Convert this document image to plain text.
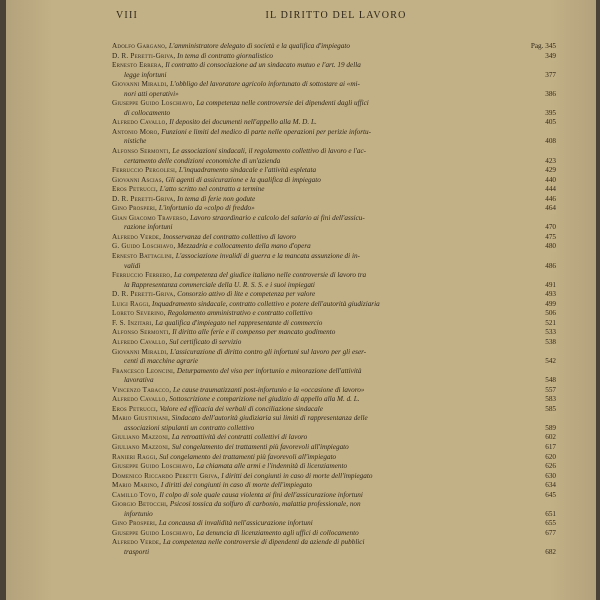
VIII	IL DIRITTO DEL LAVORO
Adolfo Gargano, L'amministratore delegato di società e la qualifica d'impiegato	Pag. 345
D. R. Peretti-Griva, In tema di contratto giornalistico	349
Ernesto Errera, Il contratto di consociazione ad un sindacato mutuo e l'art. 19 della
legge infortuni	377
Giovanni Miraldi, L'obbligo del lavoratore agricolo infortunato di sottostare ai «mi-
nori atti operativi»	386
Giuseppe Guido Loschiavo, La competenza nelle controversie dei dipendenti dagli uffici
di collocamento	395
Alfredo Cavallo, Il deposito dei documenti nell'appello alla M. D. L.	405
Antonio Moro, Funzioni e limiti del medico di parte nelle operazioni per perizie infortu-
nistiche	408
Alfonso Sermonti, Le associazioni sindacali, il regolamento collettivo di lavoro e l'ac-
certamento delle condizioni economiche di un'azienda	423
Ferruccio Pergolesi, L'inquadramento sindacale e l'attività espletata	429
Giovanni Ascias, Gli agenti di assicurazione e la qualifica di impiegato	440
Eros Petrucci, L'atto scritto nel contratto a termine	444
D. R. Peretti-Griva, In tema di ferie non godute	446
Gino Prosperi, L'infortunio da «colpo di freddo»	464
Gian Giacomo Traverso, Lavoro straordinario e calcolo del salario ai fini dell'assicu-
razione infortuni	470
Alfredo Verde, Inosservanza del contratto collettivo di lavoro	475
G. Guido Loschiavo, Mezzadria e collocamento della mano d'opera	480
Ernesto Battaglini, L'associazione invalidi di guerra e la mancata assunzione di in-
validi	486
Ferruccio Ferrero, La competenza del giudice italiano nelle controversie di lavoro tra
la Rappresentanza commerciale della U. R. S. S. e i suoi impiegati	491
D. R. Peretti-Griva, Consorzio attivo di lite e competenza per valore	493
Luigi Raggi, Inquadramento sindacale, contratto collettivo e potere dell'autorità giudiziaria	499
Loreto Severino, Regolamento amministrativo e contratto collettivo	506
F. S. Inzitari, La qualifica d'impiegato nel rappresentante di commercio	521
Alfonso Sermonti, Il diritto alle ferie e il compenso per mancato godimento	533
Alfredo Cavallo, Sul certificato di servizio	538
Giovanni Miraldi, L'assicurazione di diritto contro gli infortuni sul lavoro per gli eser-
centi di macchine agrarie	542
Francesco Leoncini, Deturpamento del viso per infortunio e minorazione dell'attività
lavorativa	548
Vincenzo Tabacco, Le cause traumatizzanti post-infortunio e la «occasione di lavoro»	557
Alfredo Cavallo, Sottoscrizione e comparizione nel giudizio di appello alla M. d. L.	583
Eros Petrucci, Valore ed efficacia dei verbali di conciliazione sindacale	585
Mario Giustiniani, Sindacato dell'autorità giudiziaria sui limiti di rappresentanza delle
associazioni stipulanti un contratto collettivo	589
Giuliano Mazzoni, La retroattività dei contratti collettivi di lavoro	602
Giuliano Mazzoni, Sul congelamento dei trattamenti più favorevoli all'impiegato	617
Ranieri Raggi, Sul congelamento dei trattamenti più favorevoli all'impiegato	620
Giuseppe Guido Loschiavo, La chiamata alle armi e l'indennità di licenziamento	626
Domenico Riccardo Peretti Griva, I diritti dei congiunti in caso di morte dell'impiegato	630
Mario Marino, I diritti dei congiunti in caso di morte dell'impiegato	634
Camillo Tovo, Il colpo di sole quale causa violenta ai fini dell'assicurazione infortuni	645
Giorgio Betocchi, Psicosi tossica da solfuro di carbonio, malattia professionale, non
infortunio	651
Gino Prosperi, La concausa di invalidità nell'assicurazione infortuni	655
Giuseppe Guido Loschiavo, La denuncia di licenziamento agli uffici di collocamento	677
Alfredo Verde, La competenza nelle controversie di dipendenti da aziende di pubblici
trasporti	682
